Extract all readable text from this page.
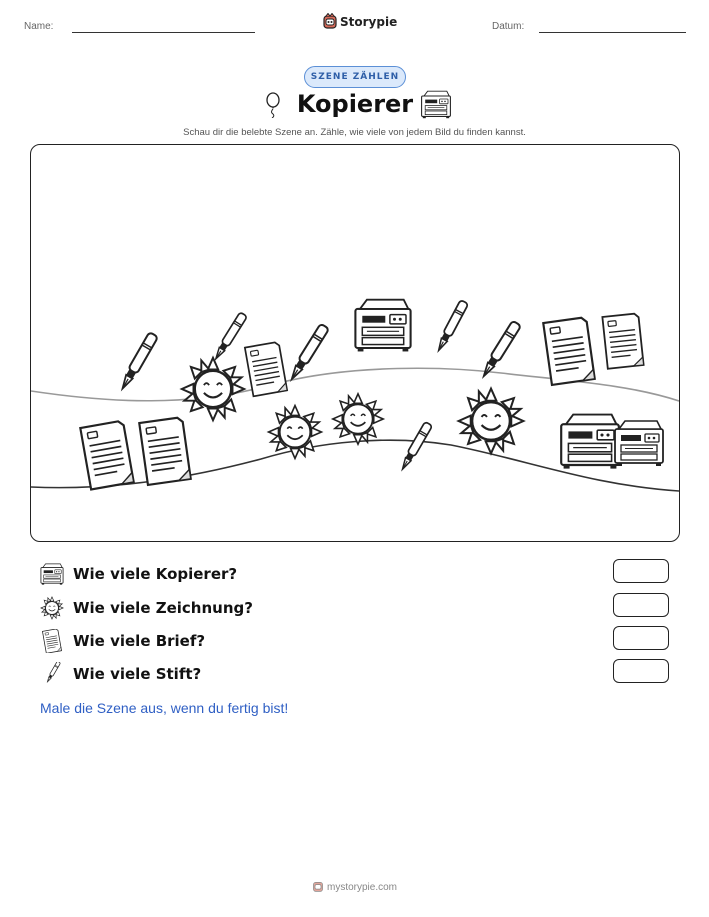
Name:	Storypie	Datum:
SZENE ZÄHLEN
Kopierer
Schau dir die belebte Szene an. Zähle, wie viele von jedem Bild du finden kannst.
Wie viele Kopierer?
Wie viele Zeichnung?
Wie viele Brief?
Wie viele Stift?
Male die Szene aus, wenn du fertig bist!
mystorypie.com
